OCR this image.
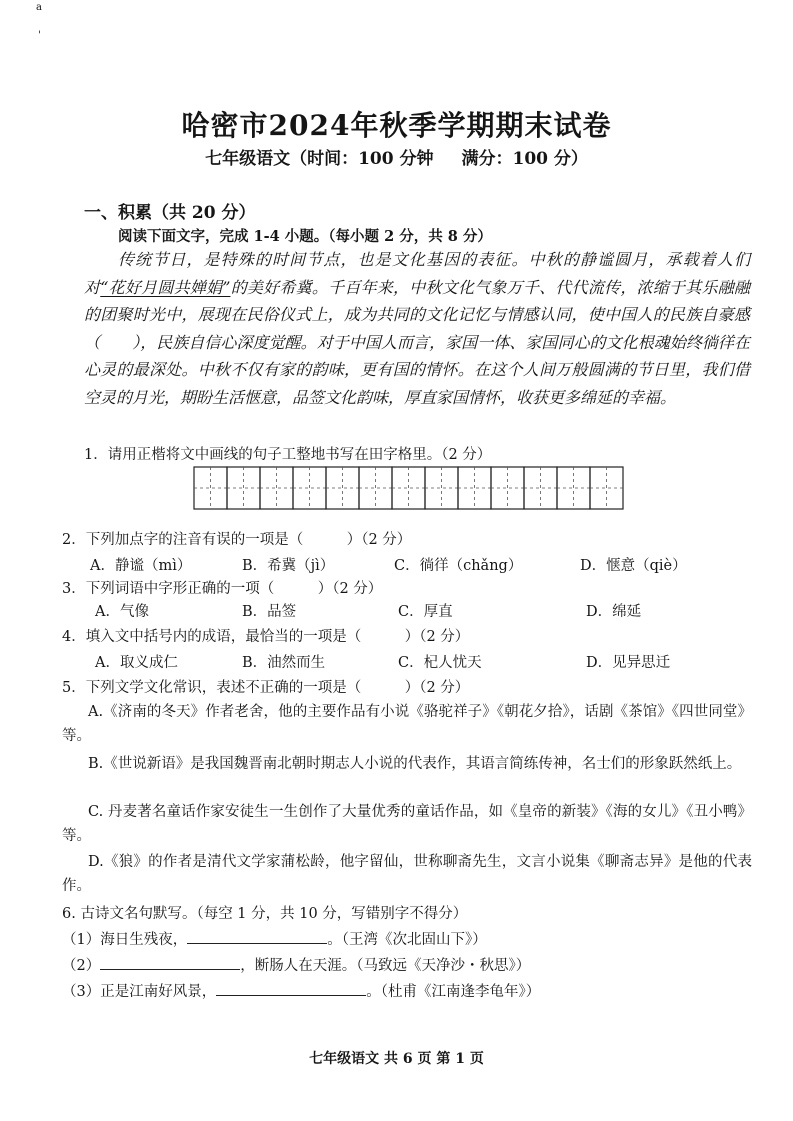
a
'
哈密市2024年秋季学期期末试卷
七年级语文（时间：100 分钟 满分：100 分）
一、积累（共 20 分）
阅读下面文字，完成 1-4 小题。（每小题 2 分，共 8 分）

传统节日，是特殊的时间节点，也是文化基因的表征。中秋的静谧圆月，承载着人们对“花好月圆共婵娟”的美好希冀。千百年来，中秋文化气象万千、代代流传，浓缩于其乐融融的团聚时光中，展现在民俗仪式上，成为共同的文化记忆与情感认同，使中国人的民族自豪感（　　），民族自信心深度觉醒。对于中国人而言，家国一体、家国同心的文化根魂始终徜徉在心灵的最深处。中秋不仅有家的韵味，更有国的情怀。在这个人间万般圆满的节日里，我们借空灵的月光，期盼生活惬意，品签文化韵味，厚直家国情怀，收获更多绵延的幸福。

1．请用正楷将文中画线的句子工整地书写在田字格里。（2 分）
2．下列加点字的注音有误的一项是（　　　）（2 分）
A．静谧（mì）	B．希冀（jì）	C．徜徉（chǎng）	D．惬意（qiè）
3．下列词语中字形正确的一项（　　　）（2 分）
A．气像	B．品签	C．厚直	D．绵延
4．填入文中括号内的成语，最恰当的一项是（　　　）（2 分）
A．取义成仁	B．油然而生	C．杞人忧天	D．见异思迁
5．下列文学文化常识，表述不正确的一项是（　　　）（2 分）
A.《济南的冬天》作者老舍，他的主要作品有小说《骆驼祥子》《朝花夕拾》，话剧《茶馆》《四世同堂》等。
B.《世说新语》是我国魏晋南北朝时期志人小说的代表作，其语言简练传神，名士们的形象跃然纸上。
C. 丹麦著名童话作家安徒生一生创作了大量优秀的童话作品，如《皇帝的新装》《海的女儿》《丑小鸭》等。
D.《狼》的作者是清代文学家蒲松龄，他字留仙，世称聊斋先生，文言小说集《聊斋志异》是他的代表作。
6. 古诗文名句默写。（每空 1 分，共 10 分，写错别字不得分）
（1）海日生残夜，	。（王湾《次北固山下》）
（2）	，断肠人在天涯。（马致远《天净沙・秋思》）
（3）正是江南好风景，	。（杜甫《江南逢李龟年》）
七年级语文 共 6 页 第 1 页
